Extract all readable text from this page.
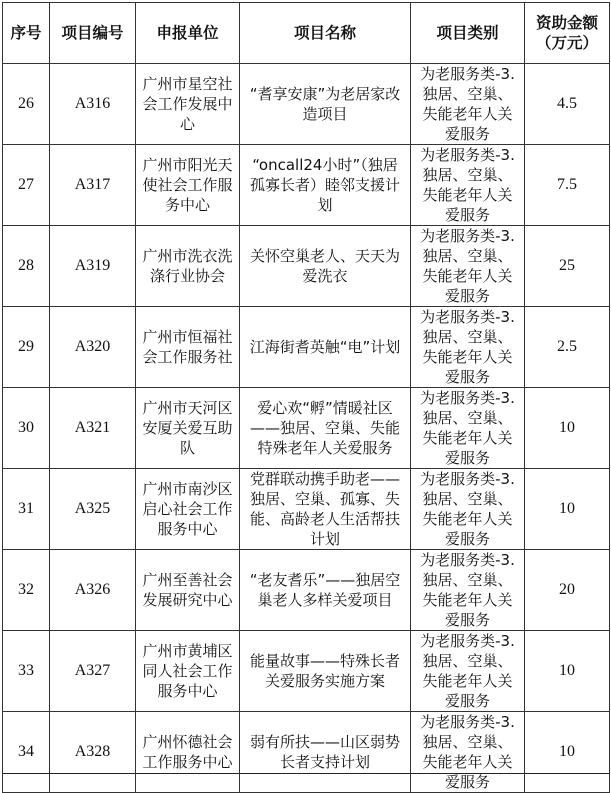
序号	项目编号	申报单位	项目名称	项目类别	资助金额（万元）
26	A316	广州市星空社会工作发展中心	“耆享安康”为老居家改造项目	为老服务类-3.独居、空巢、失能老年人关爱服务	4.5
27	A317	广州市阳光天使社会工作服务中心	“oncall24小时”（独居孤寡长者）睦邻支援计划	为老服务类-3.独居、空巢、失能老年人关爱服务	7.5
28	A319	广州市洗衣洗涤行业协会	关怀空巢老人、天天为爱洗衣	为老服务类-3.独居、空巢、失能老年人关爱服务	25
29	A320	广州市恒福社会工作服务社	江海街耆英触“电”计划	为老服务类-3.独居、空巢、失能老年人关爱服务	2.5
30	A321	广州市天河区安厦关爱互助队	爱心欢“孵”情暖社区——独居、空巢、失能特殊老年人关爱服务	为老服务类-3.独居、空巢、失能老年人关爱服务	10
31	A325	广州市南沙区启心社会工作服务中心	党群联动携手助老——独居、空巢、孤寡、失能、高龄老人生活帮扶计划	为老服务类-3.独居、空巢、失能老年人关爱服务	10
32	A326	广州至善社会发展研究中心	“老友耆乐”——独居空巢老人多样关爱项目	为老服务类-3.独居、空巢、失能老年人关爱服务	20
33	A327	广州市黄埔区同人社会工作服务中心	能量故事——特殊长者关爱服务实施方案	为老服务类-3.独居、空巢、失能老年人关爱服务	10
34	A328	广州怀德社会工作服务中心	弱有所扶——山区弱势长者支持计划	为老服务类-3.独居、空巢、失能老年人关爱服务	10
